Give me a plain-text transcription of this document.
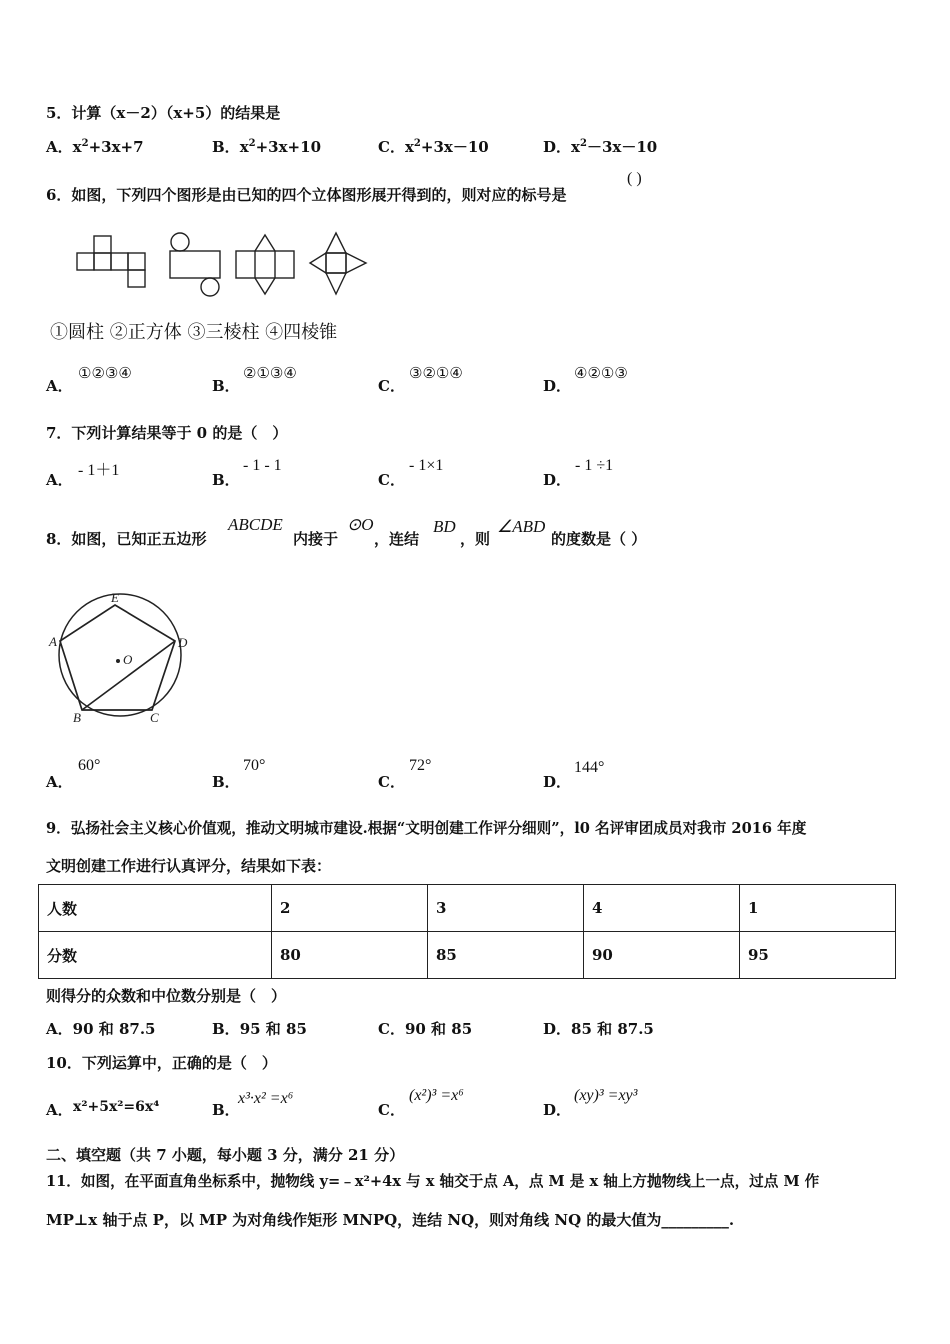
5．计算（x－2）（x+5）的结果是
A．$x^2+3x+7$	B．$x^2+3x+10$	C．$x^2+3x-10$	D．$x^2-3x-10$
6．如图，下列四个图形是由已知的四个立体图形展开得到的，则对应的标号是
( )
①圆柱 ②正方体 ③三棱柱 ④四棱锥
A．
①②③④
B．
②①③④
C．
③②①④
D．
④②①③
7．下列计算结果等于 0 的是（　）
A．
- 1＋1
B．
- 1 - 1
C．
- 1×1
D．
- 1 ÷1
8．如图，已知正五边形
ABCDE
内接于
⊙O
，连结
BD
，则
∠ABD
的度数是（ ）
E
D
A
B	C
O
A．
60°
B．
70°
C．
72°
D．
144°
9．弘扬社会主义核心价值观，推动文明城市建设.根据“文明创建工作评分细则”，l0 名评审团成员对我市 2016 年度
文明创建工作进行认真评分，结果如下表：
人数	2	3	4	1
分数	80	85	90	95
则得分的众数和中位数分别是（　）
A．90 和 87.5	B．95 和 85	C．90 和 85	D．85 和 87.5
10．下列运算中，正确的是（　）
A． x²+5x²=6x⁴	B．
x³·x² =x⁶
C．
(x²)³ =x⁶
D．
(xy)³ =xy³
二、填空题（共 7 小题，每小题 3 分，满分 21 分）
11．如图，在平面直角坐标系中，抛物线 y=﹣x²+4x 与 x 轴交于点 A，点 M 是 x 轴上方抛物线上一点，过点 M 作
MP⊥x 轴于点 P，以 MP 为对角线作矩形 MNPQ，连结 NQ，则对角线 NQ 的最大值为_________.
